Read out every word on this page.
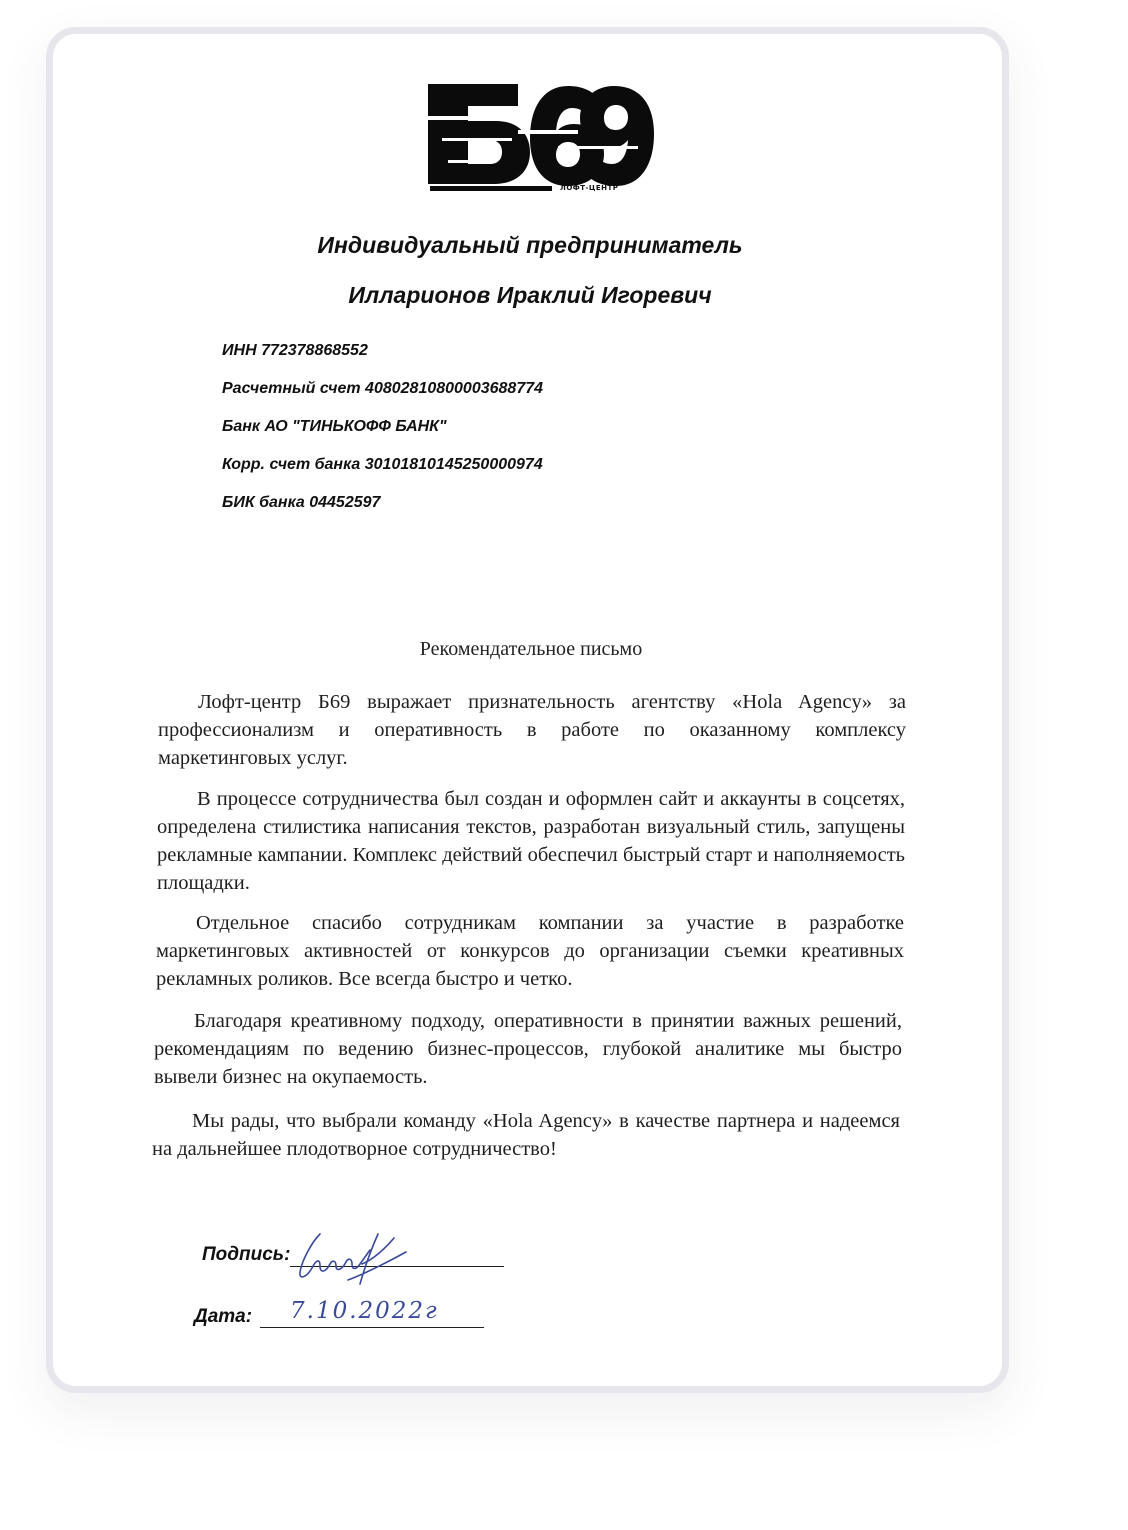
ЛОФТ-ЦЕНТР
Индивидуальный предприниматель
Илларионов Ираклий Игоревич
ИНН 772378868552
Расчетный счет 40802810800003688774
Банк АО "ТИНЬКОФФ БАНК"
Корр. счет банка 30101810145250000974
БИК банка 04452597
Рекомендательное письмо
Лофт-центр Б69 выражает признательность агентству «Hola Agency» за профессионализм и оперативность в работе по оказанному комплексу маркетинговых услуг.
В процессе сотрудничества был создан и оформлен сайт и аккаунты в соцсетях, определена стилистика написания текстов, разработан визуальный стиль, запущены рекламные кампании. Комплекс действий обеспечил быстрый старт и наполняемость площадки.
Отдельное спасибо сотрудникам компании за участие в разработке маркетинговых активностей от конкурсов до организации съемки креативных рекламных роликов. Все всегда быстро и четко.
Благодаря креативному подходу, оперативности в принятии важных решений, рекомендациям по ведению бизнес-процессов, глубокой аналитике мы быстро вывели бизнес на окупаемость.
Мы рады, что выбрали команду «Hola Agency» в качестве партнера и надеемся на дальнейшее плодотворное сотрудничество!
Подпись:
Дата: 7.10.2022г
